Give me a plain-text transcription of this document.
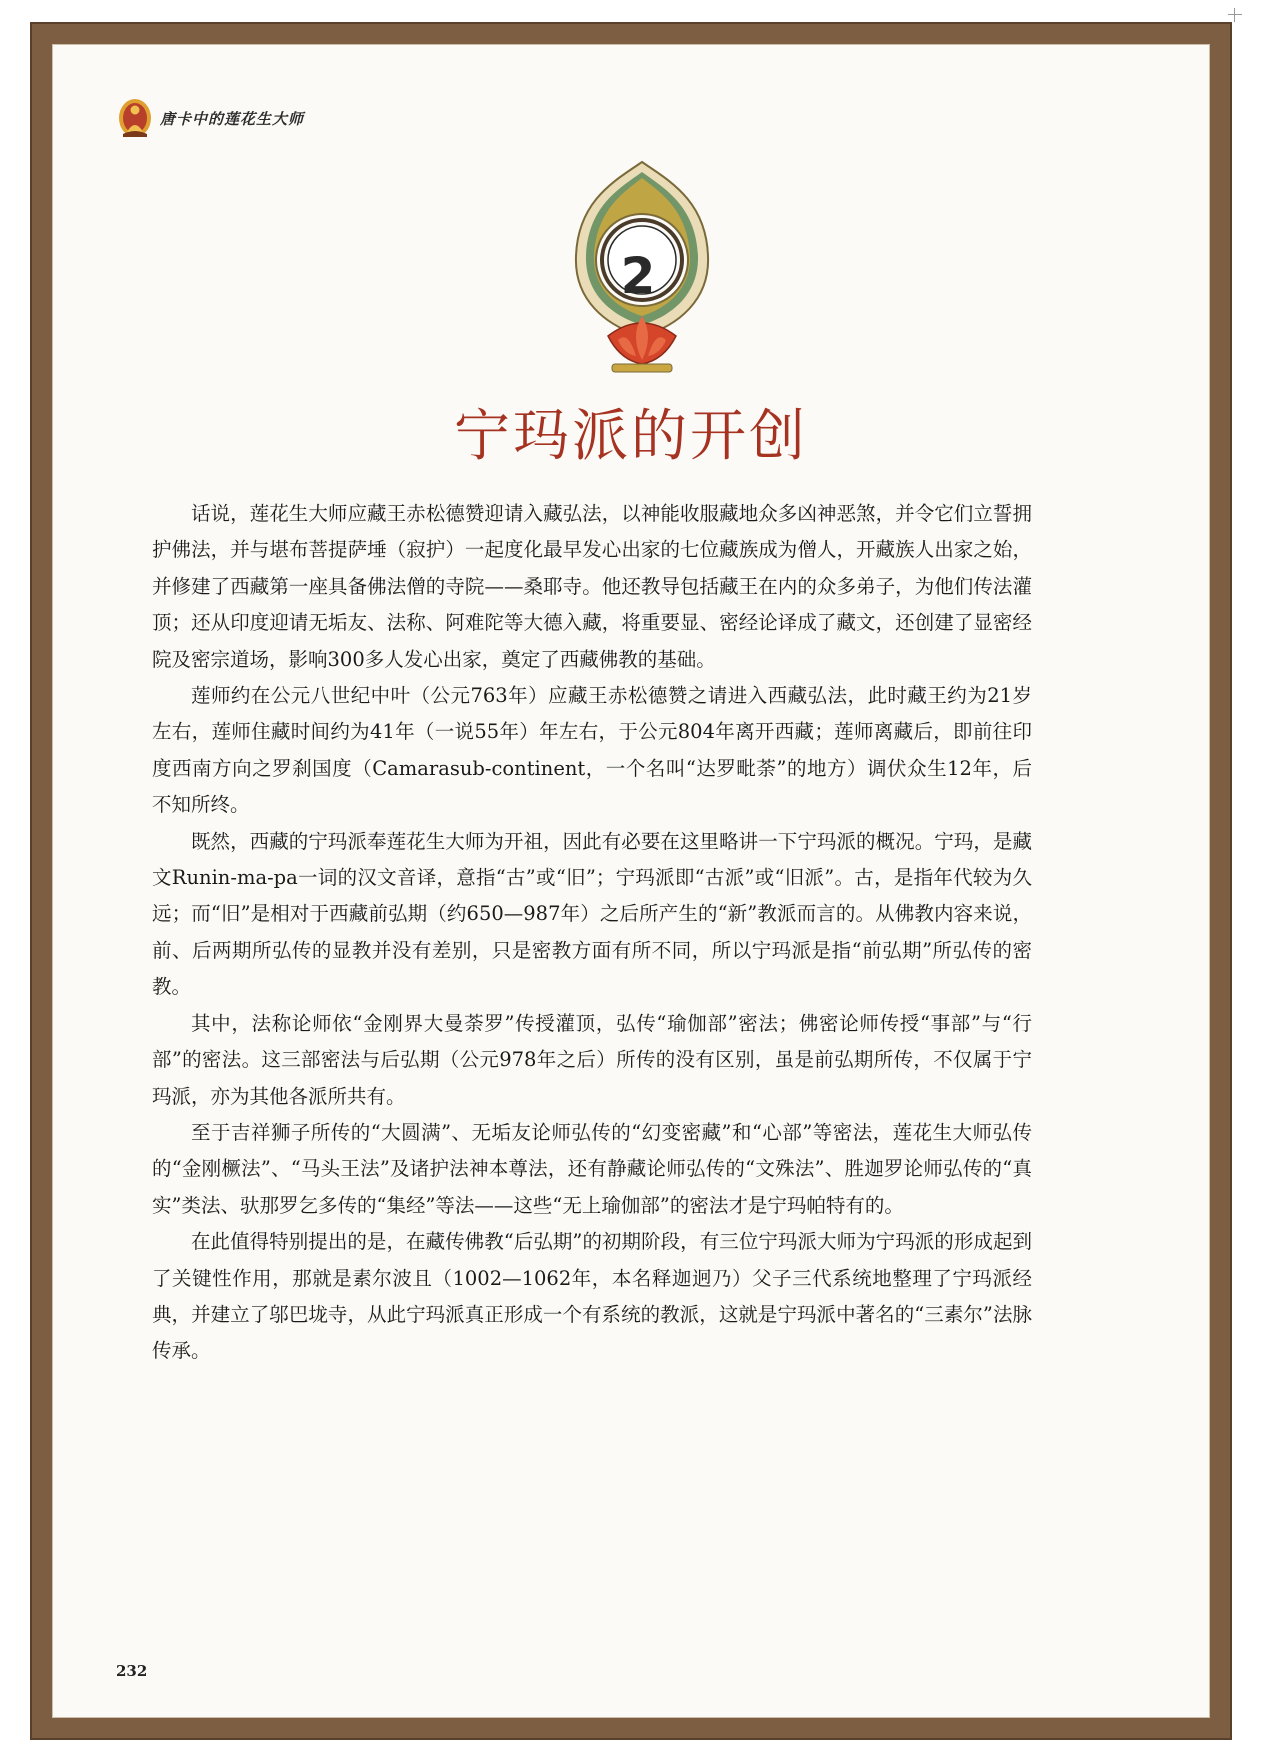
唐卡中的莲花生大师
2
宁玛派的开创

话说，莲花生大师应藏王赤松德赞迎请入藏弘法，以神能收服藏地众多凶神恶煞，并令它们立誓拥护佛法，并与堪布菩提萨埵（寂护）一起度化最早发心出家的七位藏族成为僧人，开藏族人出家之始，并修建了西藏第一座具备佛法僧的寺院——桑耶寺。他还教导包括藏王在内的众多弟子，为他们传法灌顶；还从印度迎请无垢友、法称、阿难陀等大德入藏，将重要显、密经论译成了藏文，还创建了显密经院及密宗道场，影响300多人发心出家，奠定了西藏佛教的基础。

莲师约在公元八世纪中叶（公元763年）应藏王赤松德赞之请进入西藏弘法，此时藏王约为21岁左右，莲师住藏时间约为41年（一说55年）年左右，于公元804年离开西藏；莲师离藏后，即前往印度西南方向之罗刹国度（Camarasub-continent，一个名叫“达罗毗荼”的地方）调伏众生12年，后不知所终。

既然，西藏的宁玛派奉莲花生大师为开祖，因此有必要在这里略讲一下宁玛派的概况。宁玛，是藏文Runin-ma-pa一词的汉文音译，意指“古”或“旧”；宁玛派即“古派”或“旧派”。古，是指年代较为久远；而“旧”是相对于西藏前弘期（约650—987年）之后所产生的“新”教派而言的。从佛教内容来说，前、后两期所弘传的显教并没有差别，只是密教方面有所不同，所以宁玛派是指“前弘期”所弘传的密教。

其中，法称论师依“金刚界大曼荼罗”传授灌顶，弘传“瑜伽部”密法；佛密论师传授“事部”与“行部”的密法。这三部密法与后弘期（公元978年之后）所传的没有区别，虽是前弘期所传，不仅属于宁玛派，亦为其他各派所共有。

至于吉祥狮子所传的“大圆满”、无垢友论师弘传的“幻变密藏”和“心部”等密法，莲花生大师弘传的“金刚橛法”、“马头王法”及诸护法神本尊法，还有静藏论师弘传的“文殊法”、胜迦罗论师弘传的“真实”类法、驮那罗乞多传的“集经”等法——这些“无上瑜伽部”的密法才是宁玛帕特有的。

在此值得特别提出的是，在藏传佛教“后弘期”的初期阶段，有三位宁玛派大师为宁玛派的形成起到了关键性作用，那就是素尔波且（1002—1062年，本名释迦迥乃）父子三代系统地整理了宁玛派经典，并建立了邬巴垅寺，从此宁玛派真正形成一个有系统的教派，这就是宁玛派中著名的“三素尔”法脉传承。

232
